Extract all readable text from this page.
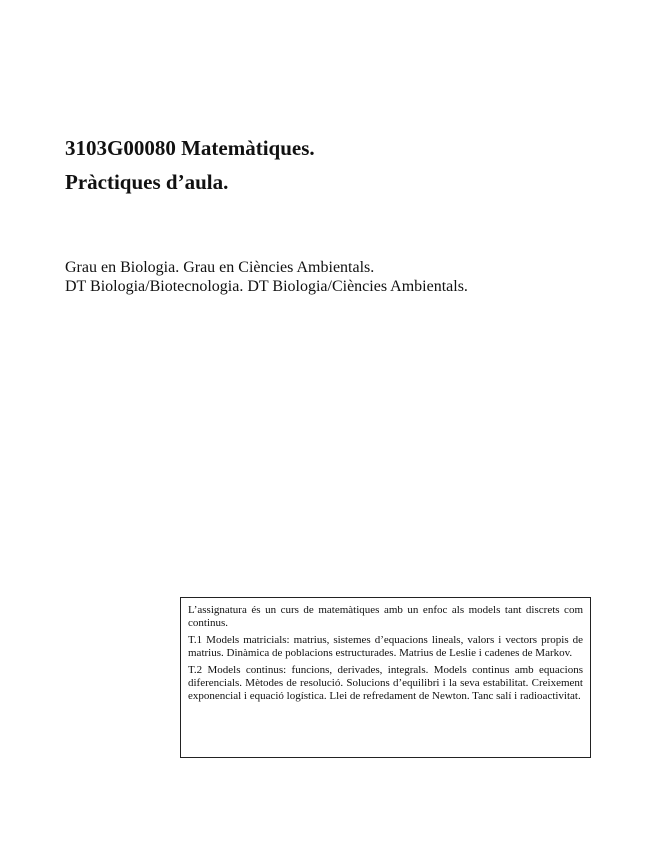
3103G00080 Matemàtiques.
Pràctiques d’aula.
Grau en Biologia. Grau en Ciències Ambientals.
DT Biologia/Biotecnologia. DT Biologia/Ciències Ambientals.

L’assignatura és un curs de matemàtiques amb un enfoc als models tant discrets com continus.

T.1 Models matricials: matrius, sistemes d’equacions lineals, valors i vectors propis de matrius. Dinàmica de poblacions estructurades. Matrius de Leslie i cadenes de Markov.

T.2 Models continus: funcions, derivades, integrals. Models continus amb equacions diferencials. Mètodes de resolució. Solucions d’equilibri i la seva estabilitat. Creixement exponencial i equació logística. Llei de refredament de Newton. Tanc salí i radioactivitat.
